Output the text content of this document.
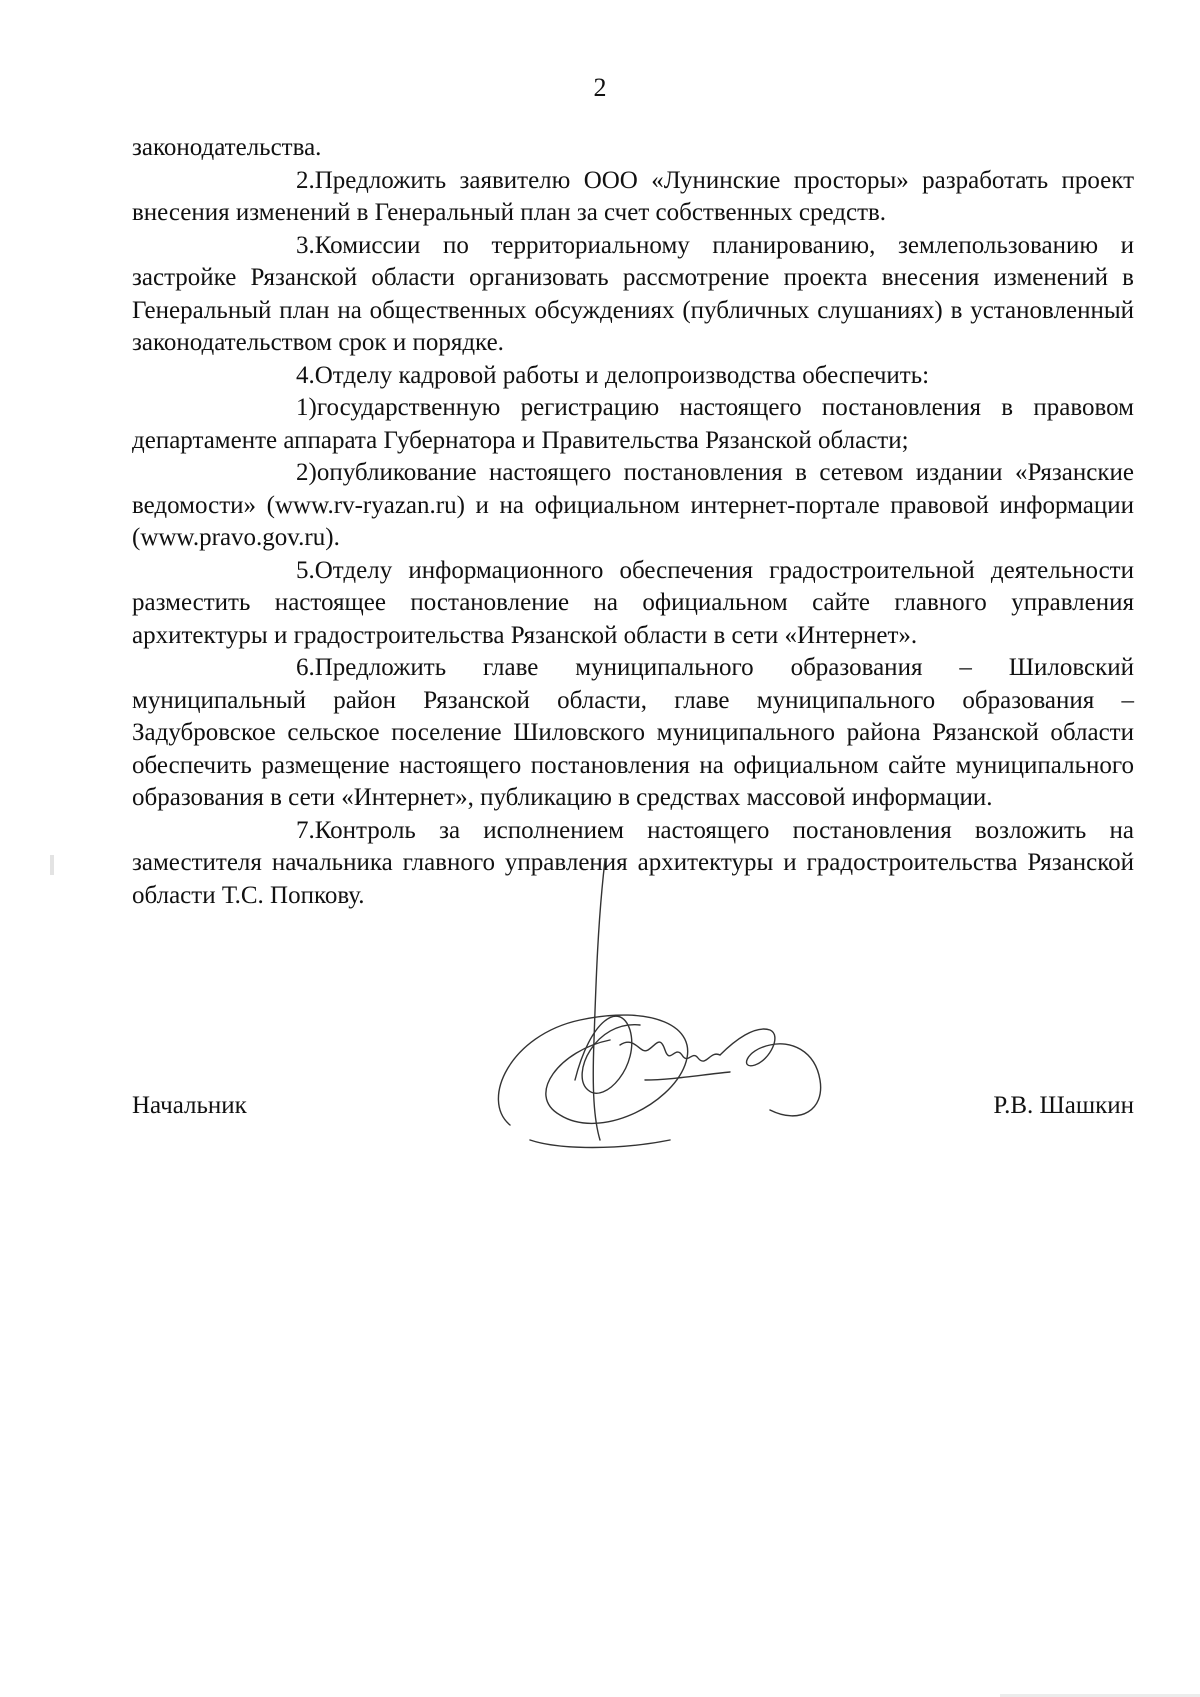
2

законодательства.

2.Предложить заявителю ООО «Лунинские просторы» разработать проект внесения изменений в Генеральный план за счет собственных средств.

3.Комиссии по территориальному планированию, землепользованию и застройке Рязанской области организовать рассмотрение проекта внесения изменений в Генеральный план на общественных обсуждениях (публичных слушаниях) в установленный законодательством срок и порядке.

4.Отделу кадровой работы и делопроизводства обеспечить:

1)государственную регистрацию настоящего постановления в правовом департаменте аппарата Губернатора и Правительства Рязанской области;

2)опубликование настоящего постановления в сетевом издании «Рязанские ведомости» (www.rv-ryazan.ru) и на официальном интернет-портале правовой информации (www.pravo.gov.ru).

5.Отделу информационного обеспечения градостроительной деятельности разместить настоящее постановление на официальном сайте главного управления архитектуры и градостроительства Рязанской области в сети «Интернет».

6.Предложить главе муниципального образования – Шиловский муниципальный район Рязанской области, главе муниципального образования – Задубровское сельское поселение Шиловского муниципального района Рязанской области обеспечить размещение настоящего постановления на официальном сайте муниципального образования в сети «Интернет», публикацию в средствах массовой информации.

7.Контроль за исполнением настоящего постановления возложить на заместителя начальника главного управления архитектуры и градостроительства Рязанской области Т.С. Попкову.

Начальник	Р.В. Шашкин
